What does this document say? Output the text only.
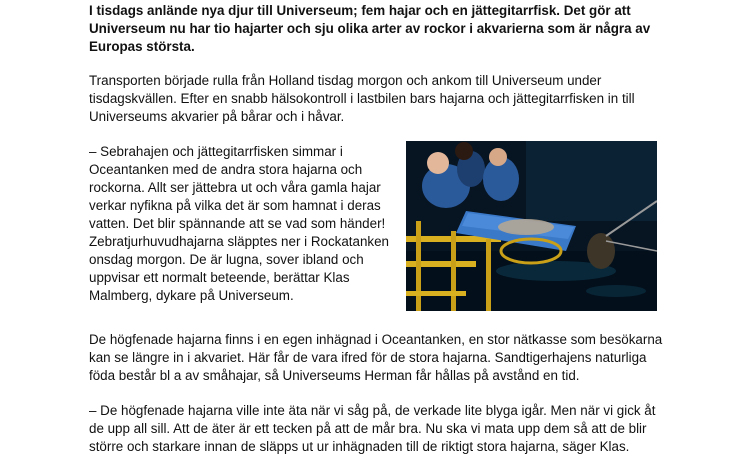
I tisdags anlände nya djur till Universeum; fem hajar och en jättegitarrfisk. Det gör att Universeum nu har tio hajarter och sju olika arter av rockor i akvarierna som är några av Europas största.

Transporten började rulla från Holland tisdag morgon och ankom till Universeum under tisdagskvällen. Efter en snabb hälsokontroll i lastbilen bars hajarna och jättegitarrfisken in till Universeums akvarier på bårar och i håvar.

– Sebrahajen och jättegitarrfisken simmar i Oceantanken med de andra stora hajarna och rockorna. Allt ser jättebra ut och våra gamla hajar verkar nyfikna på vilka det är som hamnat i deras vatten. Det blir spännande att se vad som händer! Zebratjurhuvudhajarna släpptes ner i Rockatanken onsdag morgon. De är lugna, sover ibland och uppvisar ett normalt beteende, berättar Klas Malmberg, dykare på Universeum.

De högfenade hajarna finns i en egen inhägnad i Oceantanken, en stor nätkasse som besökarna kan se längre in i akvariet. Här får de vara ifred för de stora hajarna. Sandtigerhajens naturliga föda består bl a av småhajar, så Universeums Herman får hållas på avstånd en tid.

– De högfenade hajarna ville inte äta när vi såg på, de verkade lite blyga igår. Men när vi gick åt de upp all sill. Att de äter är ett tecken på att de mår bra. Nu ska vi mata upp dem så att de blir större och starkare innan de släpps ut ur inhägnaden till de riktigt stora hajarna, säger Klas.
